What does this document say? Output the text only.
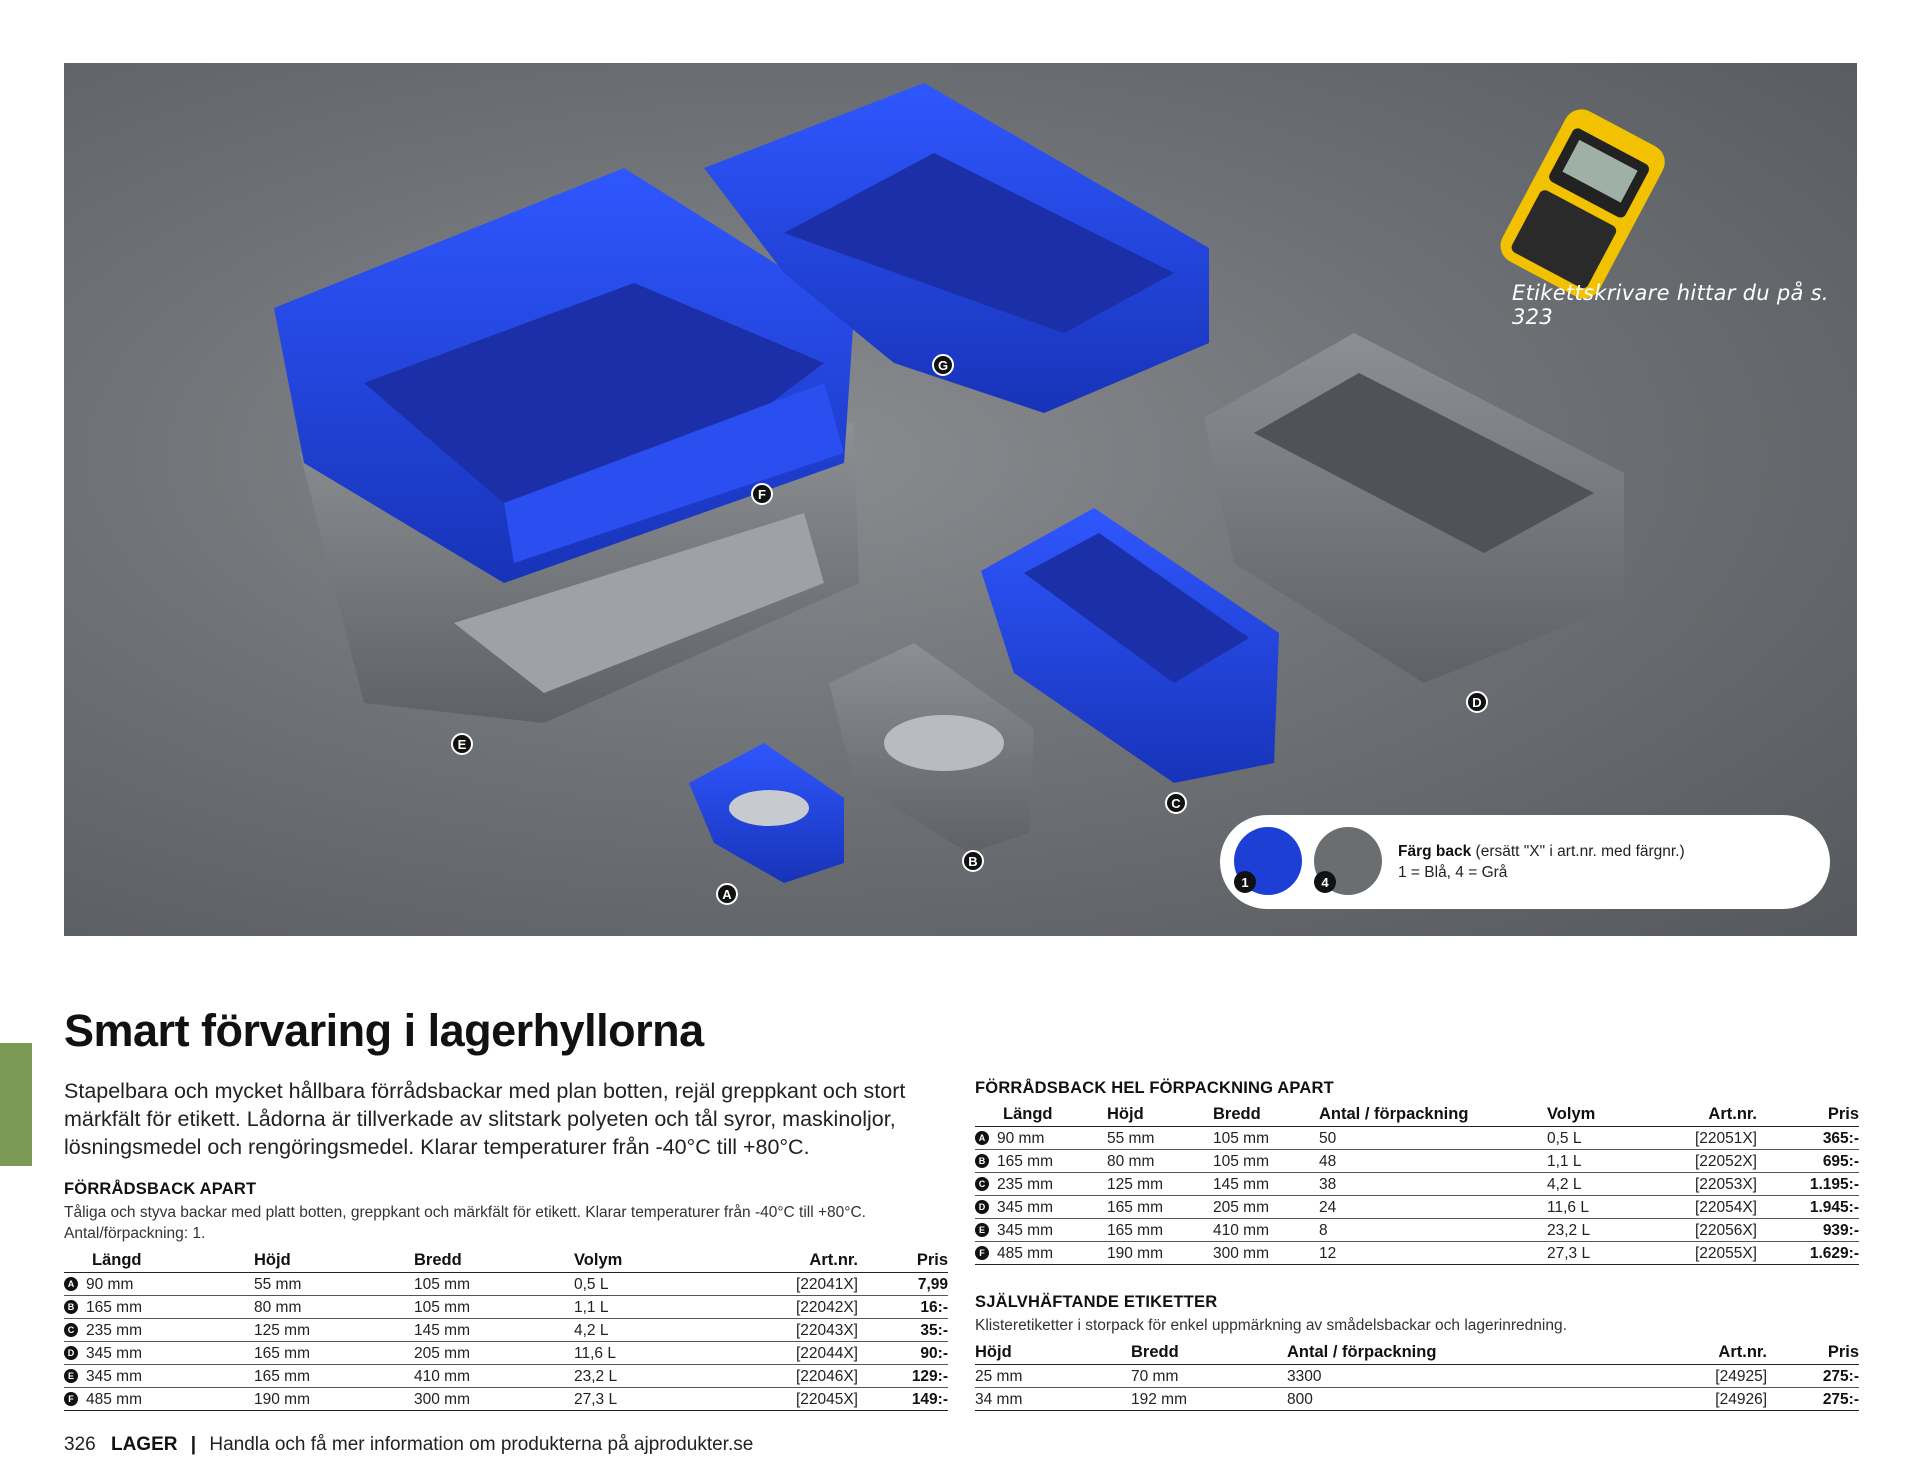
Etikettskrivare hittar du på s. 323
G
F
D
E
C
B
A
1	4
Färg back (ersätt "X" i art.nr. med färgnr.)
1 = Blå, 4 = Grå
Smart förvaring i lagerhyllorna

Stapelbara och mycket hållbara förrådsbackar med plan botten, rejäl greppkant och stort märkfält för etikett. Lådorna är tillverkade av slitstark polyeten och tål syror, maskinoljor, lösningsmedel och rengöringsmedel. Klarar temperaturer från -40°C till +80°C.

FÖRRÅDSBACK APART
Tåliga och styva backar med platt botten, greppkant och märkfält för etikett. Klarar temperaturer från -40°C till +80°C. Antal/förpackning: 1.
Längd	Höjd	Bredd	Volym	Art.nr.	Pris
A 90 mm	55 mm	105 mm	0,5 L	[22041X]	7,99
B 165 mm	80 mm	105 mm	1,1 L	[22042X]	16:-
C 235 mm	125 mm	145 mm	4,2 L	[22043X]	35:-
D 345 mm	165 mm	205 mm	11,6 L	[22044X]	90:-
E 345 mm	165 mm	410 mm	23,2 L	[22046X]	129:-
F 485 mm	190 mm	300 mm	27,3 L	[22045X]	149:-
FÖRRÅDSBACK HEL FÖRPACKNING APART
Längd	Höjd	Bredd	Antal / förpackning	Volym	Art.nr.	Pris
A 90 mm	55 mm	105 mm	50	0,5 L	[22051X]	365:-
B 165 mm	80 mm	105 mm	48	1,1 L	[22052X]	695:-
C 235 mm	125 mm	145 mm	38	4,2 L	[22053X]	1.195:-
D 345 mm	165 mm	205 mm	24	11,6 L	[22054X]	1.945:-
E 345 mm	165 mm	410 mm	8	23,2 L	[22056X]	939:-
F 485 mm	190 mm	300 mm	12	27,3 L	[22055X]	1.629:-
SJÄLVHÄFTANDE ETIKETTER
Klisteretiketter i storpack för enkel uppmärkning av smådelsbackar och lagerinredning.
Höjd	Bredd	Antal / förpackning	Art.nr.	Pris
25 mm	70 mm	3300	[24925]	275:-
34 mm	192 mm	800	[24926]	275:-
326 LAGER | Handla och få mer information om produkterna på ajprodukter.se
